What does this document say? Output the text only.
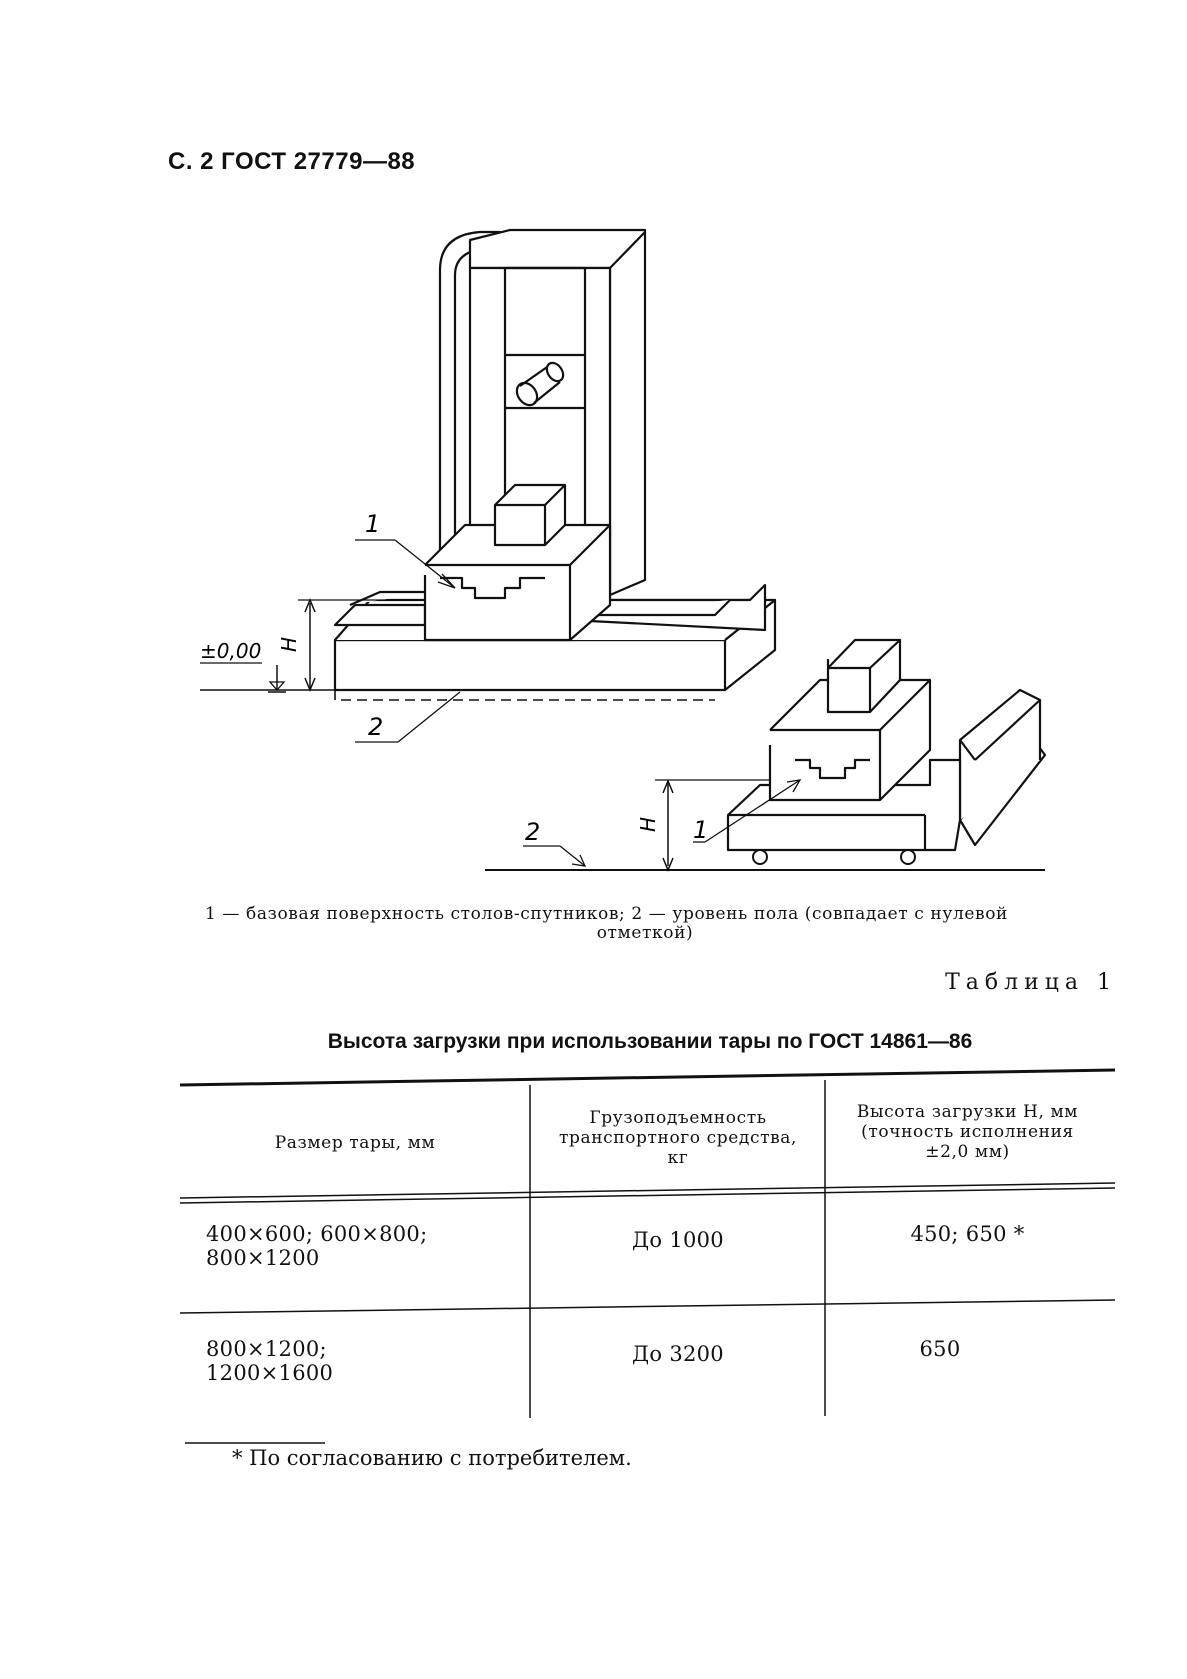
С. 2 ГОСТ 27779—88
1
2
1
2
±0,00 H
H
1 — базовая поверхность столов-спутников; 2 — уровень пола (совпадает с нулевой
отметкой)
Таблица 1
Высота загрузки при использовании тары по ГОСТ 14861—86
Размер тары, мм
Грузоподъемность транспортного средства, кг
Высота загрузки H, мм (точность исполнения ±2,0 мм)
400×600; 600×800;
800×1200
До 1000	450; 650 *
800×1200;
1200×1600
До 3200	650
* По согласованию с потребителем.
